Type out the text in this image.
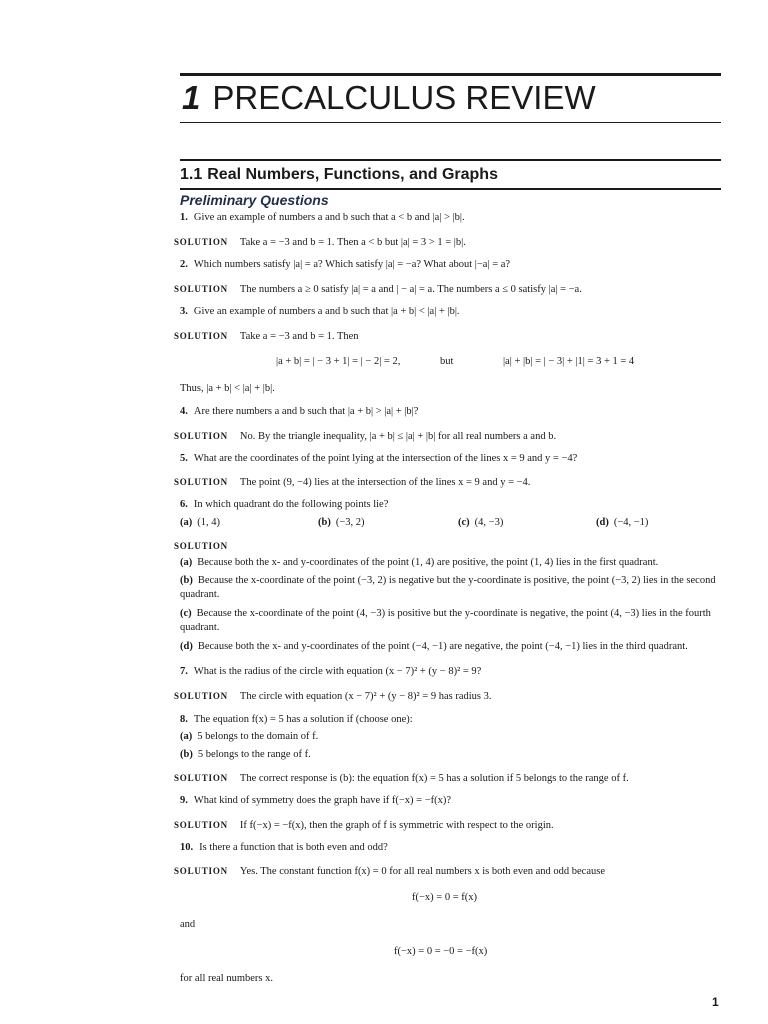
1 PRECALCULUS REVIEW
1.1 Real Numbers, Functions, and Graphs
Preliminary Questions
1. Give an example of numbers a and b such that a < b and |a| > |b|.
SOLUTION Take a = −3 and b = 1. Then a < b but |a| = 3 > 1 = |b|.
2. Which numbers satisfy |a| = a? Which satisfy |a| = −a? What about |−a| = a?
SOLUTION The numbers a ≥ 0 satisfy |a| = a and | − a| = a. The numbers a ≤ 0 satisfy |a| = −a.
3. Give an example of numbers a and b such that |a + b| < |a| + |b|.
SOLUTION Take a = −3 and b = 1. Then
|a + b| = | − 3 + 1| = | − 2| = 2,	but	|a| + |b| = | − 3| + |1| = 3 + 1 = 4
Thus, |a + b| < |a| + |b|.
4. Are there numbers a and b such that |a + b| > |a| + |b|?
SOLUTION No. By the triangle inequality, |a + b| ≤ |a| + |b| for all real numbers a and b.
5. What are the coordinates of the point lying at the intersection of the lines x = 9 and y = −4?
SOLUTION The point (9, −4) lies at the intersection of the lines x = 9 and y = −4.
6. In which quadrant do the following points lie?
(a) (1, 4)	(b) (−3, 2)	(c) (4, −3)	(d) (−4, −1)
SOLUTION
(a) Because both the x- and y-coordinates of the point (1, 4) are positive, the point (1, 4) lies in the first quadrant.
(b) Because the x-coordinate of the point (−3, 2) is negative but the y-coordinate is positive, the point (−3, 2) lies in the second quadrant.
(c) Because the x-coordinate of the point (4, −3) is positive but the y-coordinate is negative, the point (4, −3) lies in the fourth quadrant.
(d) Because both the x- and y-coordinates of the point (−4, −1) are negative, the point (−4, −1) lies in the third quadrant.
7. What is the radius of the circle with equation (x − 7)² + (y − 8)² = 9?
SOLUTION The circle with equation (x − 7)² + (y − 8)² = 9 has radius 3.
8. The equation f(x) = 5 has a solution if (choose one):
(a) 5 belongs to the domain of f.
(b) 5 belongs to the range of f.
SOLUTION The correct response is (b): the equation f(x) = 5 has a solution if 5 belongs to the range of f.
9. What kind of symmetry does the graph have if f(−x) = −f(x)?
SOLUTION If f(−x) = −f(x), then the graph of f is symmetric with respect to the origin.
10. Is there a function that is both even and odd?
SOLUTION Yes. The constant function f(x) = 0 for all real numbers x is both even and odd because
f(−x) = 0 = f(x)
and
f(−x) = 0 = −0 = −f(x)
for all real numbers x.
1
